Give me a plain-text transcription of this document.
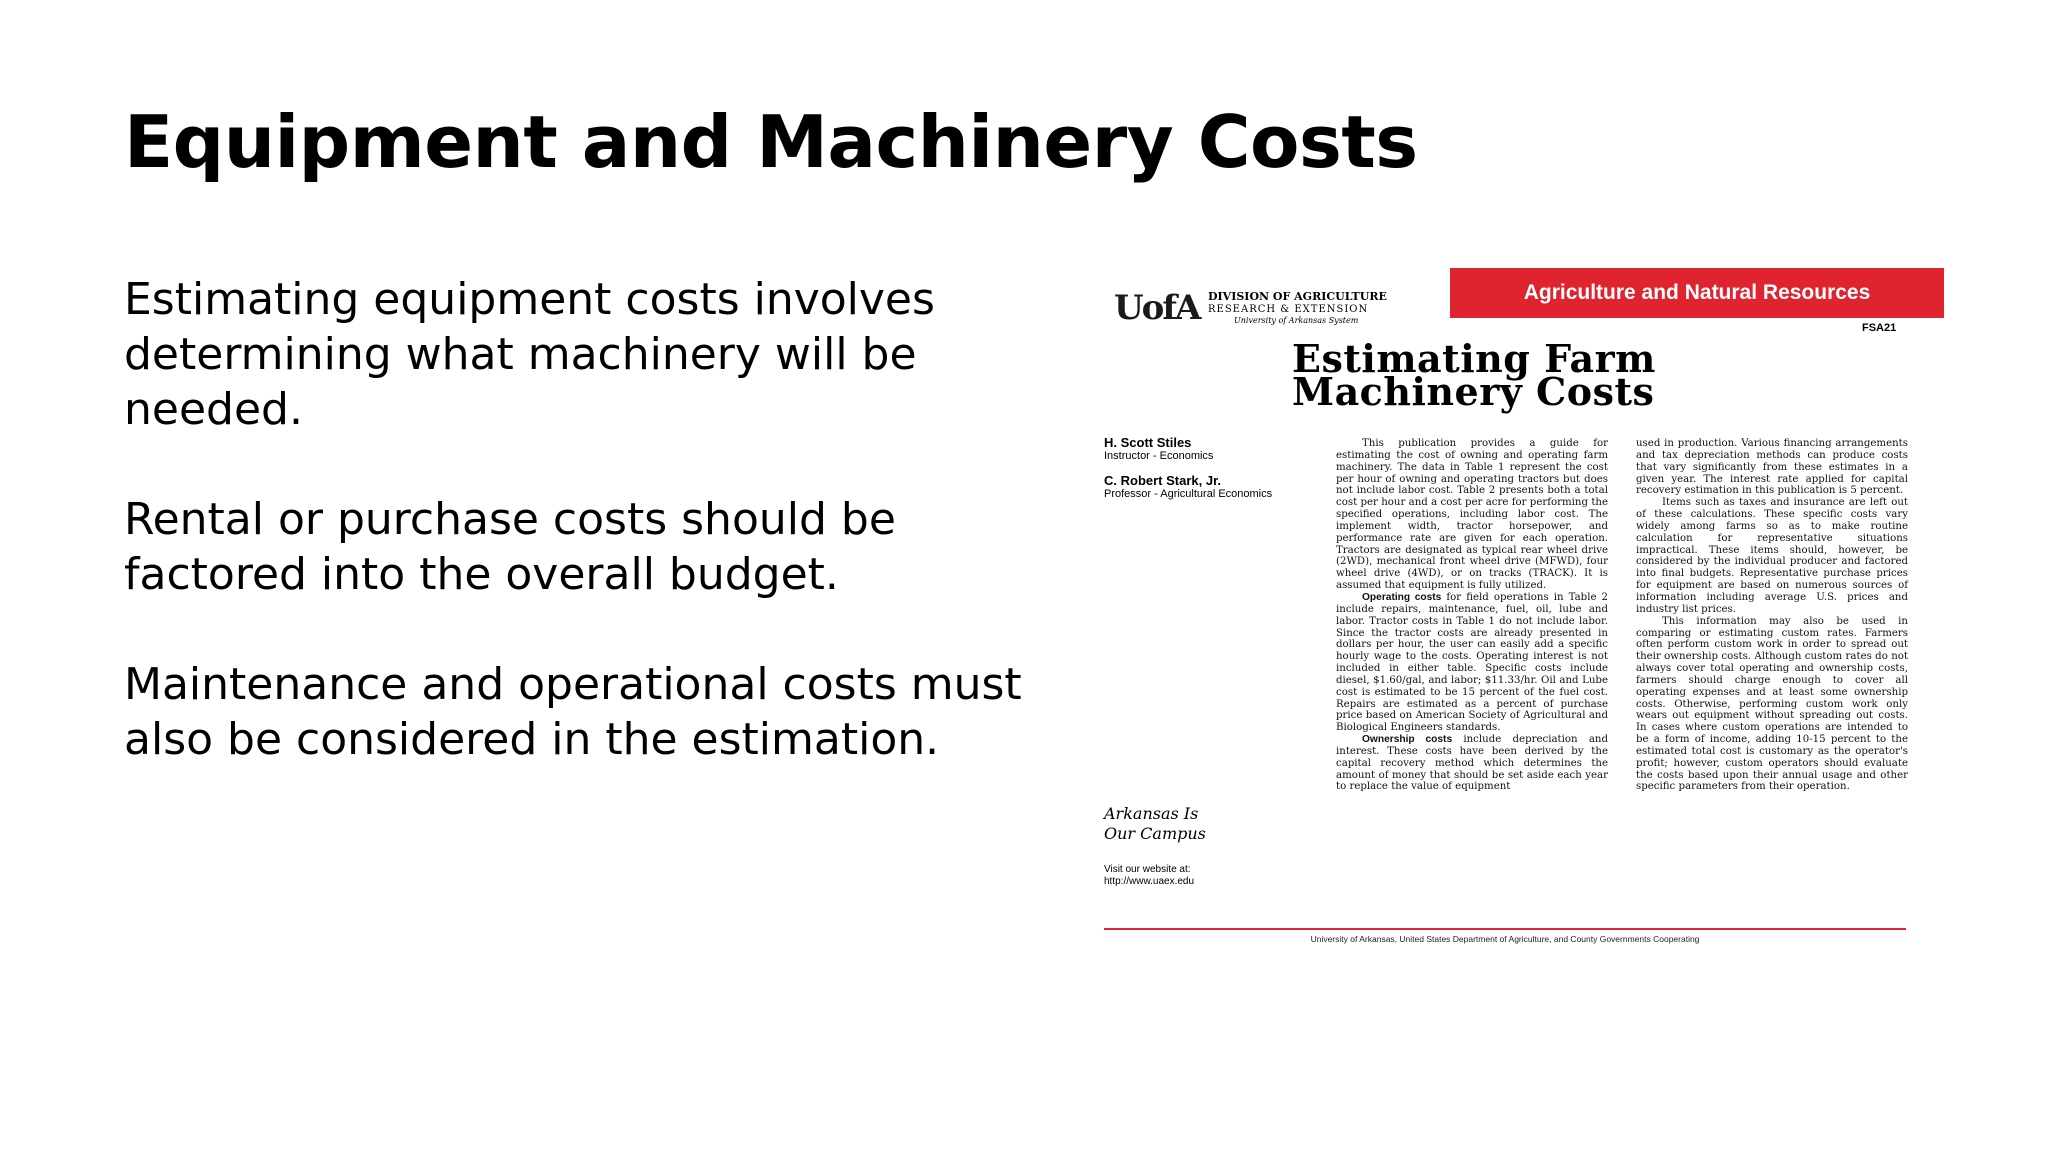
Equipment and Machinery Costs

Estimating equipment costs involves determining what machinery will be needed.

Rental or purchase costs should be factored into the overall budget.

Maintenance and operational costs must also be considered in the estimation.

UofA DIVISION OF AGRICULTURE
RESEARCH & EXTENSION
University of Arkansas System
Agriculture and Natural Resources
FSA21
Estimating Farm
Machinery Costs
H. Scott Stiles
Instructor - Economics
C. Robert Stark, Jr.
Professor - Agricultural Economics
Arkansas Is
Our Campus
Visit our website at:
http://www.uaex.edu

This publication provides a guide for estimating the cost of owning and operating farm machinery. The data in Table 1 represent the cost per hour of owning and operating tractors but does not include labor cost. Table 2 presents both a total cost per hour and a cost per acre for performing the specified operations, including labor cost. The implement width, tractor horsepower, and performance rate are given for each operation. Tractors are designated as typical rear wheel drive (2WD), mechanical front wheel drive (MFWD), four wheel drive (4WD), or on tracks (TRACK). It is assumed that equipment is fully utilized.

Operating costs for field operations in Table 2 include repairs, maintenance, fuel, oil, lube and labor. Tractor costs in Table 1 do not include labor. Since the tractor costs are already presented in dollars per hour, the user can easily add a specific hourly wage to the costs. Operating interest is not included in either table. Specific costs include diesel, $1.60/gal, and labor; $11.33/hr. Oil and Lube cost is estimated to be 15 percent of the fuel cost. Repairs are estimated as a percent of purchase price based on American Society of Agricultural and Biological Engineers standards.

Ownership costs include depreciation and interest. These costs have been derived by the capital recovery method which determines the amount of money that should be set aside each year to replace the value of equipment

used in production. Various financing arrangements and tax depreciation methods can produce costs that vary significantly from these estimates in a given year. The interest rate applied for capital recovery estimation in this publication is 5 percent.

Items such as taxes and insurance are left out of these calculations. These specific costs vary widely among farms so as to make routine calculation for representative situations impractical. These items should, however, be considered by the individual producer and factored into final budgets. Representative purchase prices for equipment are based on numerous sources of information including average U.S. prices and industry list prices.

This information may also be used in comparing or estimating custom rates. Farmers often perform custom work in order to spread out their ownership costs. Although custom rates do not always cover total operating and ownership costs, farmers should charge enough to cover all operating expenses and at least some ownership costs. Otherwise, performing custom work only wears out equipment without spreading out costs. In cases where custom operations are intended to be a form of income, adding 10-15 percent to the estimated total cost is customary as the operator's profit; however, custom operators should evaluate the costs based upon their annual usage and other specific parameters from their operation.

University of Arkansas, United States Department of Agriculture, and County Governments Cooperating
